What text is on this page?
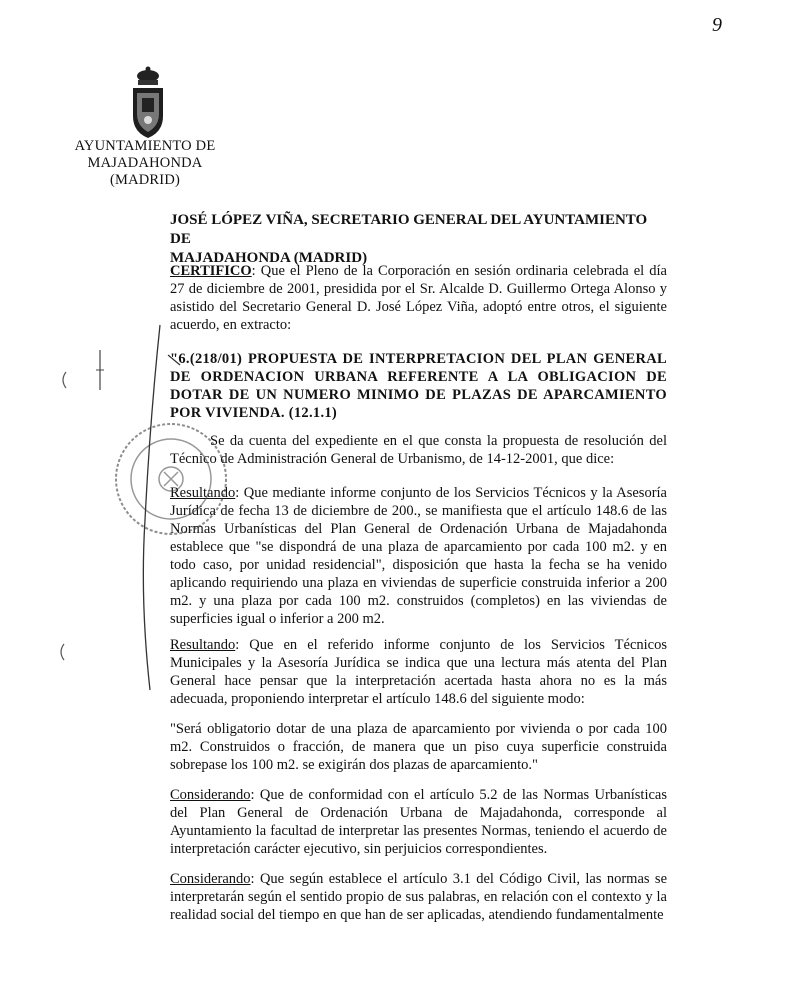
9
AYUNTAMIENTO DE
MAJADAHONDA
(MADRID)
JOSÉ LÓPEZ VIÑA, SECRETARIO GENERAL DEL AYUNTAMIENTO DE
MAJADAHONDA (MADRID)
CERTIFICO: Que el Pleno de la Corporación en sesión ordinaria celebrada el día 27 de diciembre de 2001, presidida por el Sr. Alcalde D. Guillermo Ortega Alonso y asistido del Secretario General D. José López Viña, adoptó entre otros, el siguiente acuerdo, en extracto:
"6.(218/01) PROPUESTA DE INTERPRETACION DEL PLAN GENERAL DE ORDENACION URBANA REFERENTE A LA OBLIGACION DE DOTAR DE UN NUMERO MINIMO DE PLAZAS DE APARCAMIENTO POR VIVIENDA. (12.1.1)
Se da cuenta del expediente en el que consta la propuesta de resolución del Técnico de Administración General de Urbanismo, de 14-12-2001, que dice:
Resultando: Que mediante informe conjunto de los Servicios Técnicos y la Asesoría Jurídica de fecha 13 de diciembre de 200., se manifiesta que el artículo 148.6 de las Normas Urbanísticas del Plan General de Ordenación Urbana de Majadahonda establece que "se dispondrá de una plaza de aparcamiento por cada 100 m2. y en todo caso, por unidad residencial", disposición que hasta la fecha se ha venido aplicando requiriendo una plaza en viviendas de superficie construida inferior a 200 m2. y una plaza por cada 100 m2. construidos (completos) en las viviendas de superficies igual o inferior a 200 m2.
Resultando: Que en el referido informe conjunto de los Servicios Técnicos Municipales y la Asesoría Jurídica se indica que una lectura más atenta del Plan General hace pensar que la interpretación acertada hasta ahora no es la más adecuada, proponiendo interpretar el artículo 148.6 del siguiente modo:
"Será obligatorio dotar de una plaza de aparcamiento por vivienda o por cada 100 m2. Construidos o fracción, de manera que un piso cuya superficie construida sobrepase los 100 m2. se exigirán dos plazas de aparcamiento."
Considerando: Que de conformidad con el artículo 5.2 de las Normas Urbanísticas del Plan General de Ordenación Urbana de Majadahonda, corresponde al Ayuntamiento la facultad de interpretar las presentes Normas, teniendo el acuerdo de interpretación carácter ejecutivo, sin perjuicios correspondientes.
Considerando: Que según establece el artículo 3.1 del Código Civil, las normas se interpretarán según el sentido propio de sus palabras, en relación con el contexto y la realidad social del tiempo en que han de ser aplicadas, atendiendo fundamentalmente
